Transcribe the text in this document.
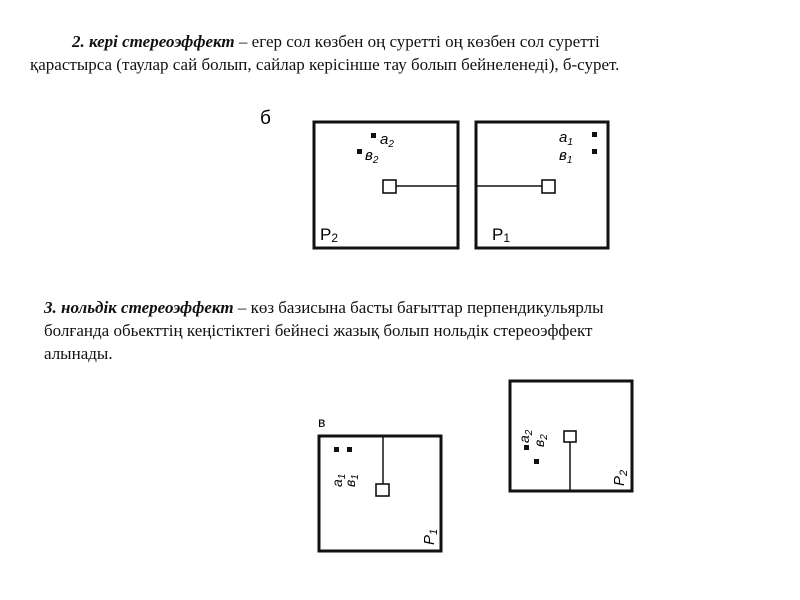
2. кері стереоэффект – егер сол көзбен оң суретті оң көзбен сол суретті
қарастырса (таулар сай болып, сайлар керісінше тау болып бейнеленеді), б-сурет.

б
$а_2$
$в_2$
Р2
$а_1$
$в_1$
Р1

3. нольдік стереоэффект – көз базисына басты бағыттар перпендикульярлы
болғанда обьекттің кеңістіктегі бейнесі жазық болып нольдік стереоэффект
алынады.

в
$а_1$
$в_1$
$Р_1$
$а_2$
$в_2$
$Р_2$
